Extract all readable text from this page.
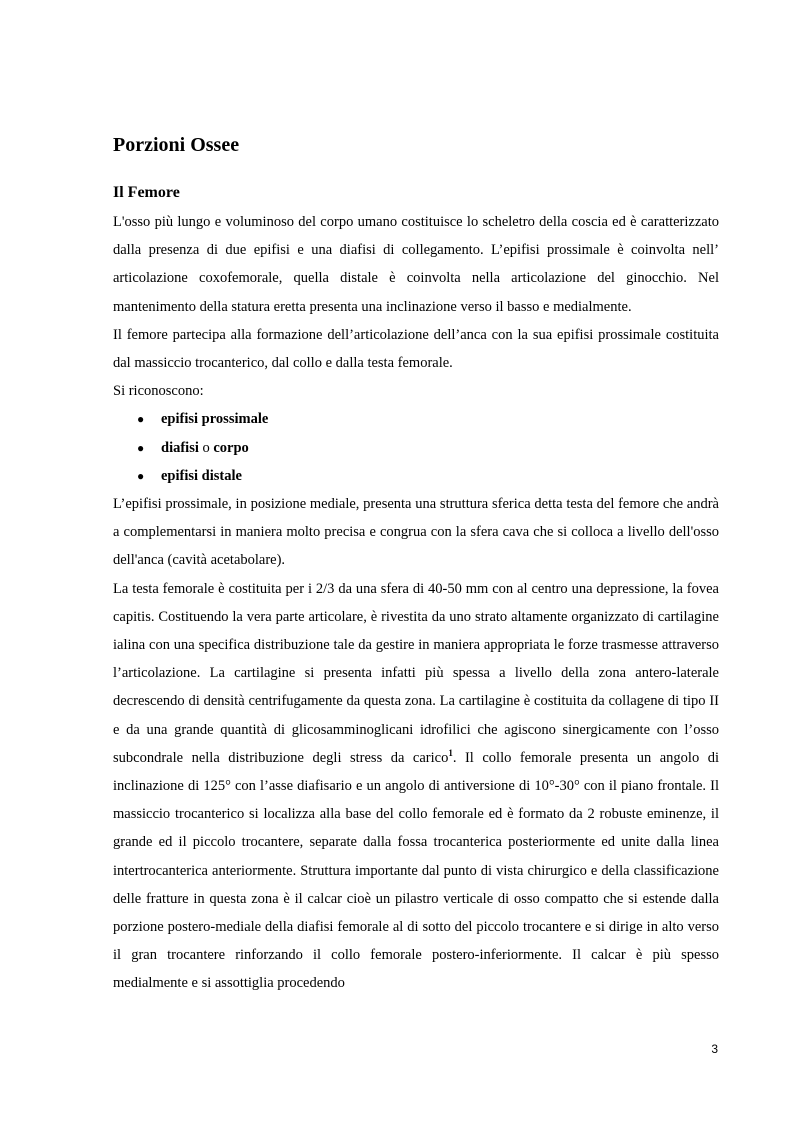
Porzioni Ossee
Il Femore

L'osso più lungo e voluminoso del corpo umano costituisce lo scheletro della coscia ed è caratterizzato dalla presenza di due epifisi e una diafisi di collegamento. L’epifisi prossimale è coinvolta nell’ articolazione coxofemorale, quella distale è coinvolta nella articolazione del ginocchio. Nel mantenimento della statura eretta presenta una inclinazione verso il basso e medialmente.

Il femore partecipa alla formazione dell’articolazione dell’anca con la sua epifisi prossimale costituita dal massiccio trocanterico, dal collo e dalla testa femorale.

Si riconoscono:

● epifisi prossimale
● diafisi o corpo
● epifisi distale

L’epifisi prossimale, in posizione mediale, presenta una struttura sferica detta testa del femore che andrà a complementarsi in maniera molto precisa e congrua con la sfera cava che si colloca a livello dell'osso dell'anca (cavità acetabolare).

La testa femorale è costituita per i 2/3 da una sfera di 40-50 mm con al centro una depressione, la fovea capitis. Costituendo la vera parte articolare, è rivestita da uno strato altamente organizzato di cartilagine ialina con una specifica distribuzione tale da gestire in maniera appropriata le forze trasmesse attraverso l’articolazione. La cartilagine si presenta infatti più spessa a livello della zona antero-laterale decrescendo di densità centrifugamente da questa zona. La cartilagine è costituita da collagene di tipo II e da una grande quantità di glicosamminoglicani idrofilici che agiscono sinergicamente con l’osso subcondrale nella distribuzione degli stress da carico$^1$. Il collo femorale presenta un angolo di inclinazione di 125° con l’asse diafisario e un angolo di antiversione di 10°-30° con il piano frontale. Il massiccio trocanterico si localizza alla base del collo femorale ed è formato da 2 robuste eminenze, il grande ed il piccolo trocantere, separate dalla fossa trocanterica posteriormente ed unite dalla linea intertrocanterica anteriormente. Struttura importante dal punto di vista chirurgico e della classificazione delle fratture in questa zona è il calcar cioè un pilastro verticale di osso compatto che si estende dalla porzione postero-mediale della diafisi femorale al di sotto del piccolo trocantere e si dirige in alto verso il gran trocantere rinforzando il collo femorale postero-inferiormente. Il calcar è più spesso medialmente e si assottiglia procedendo

3
